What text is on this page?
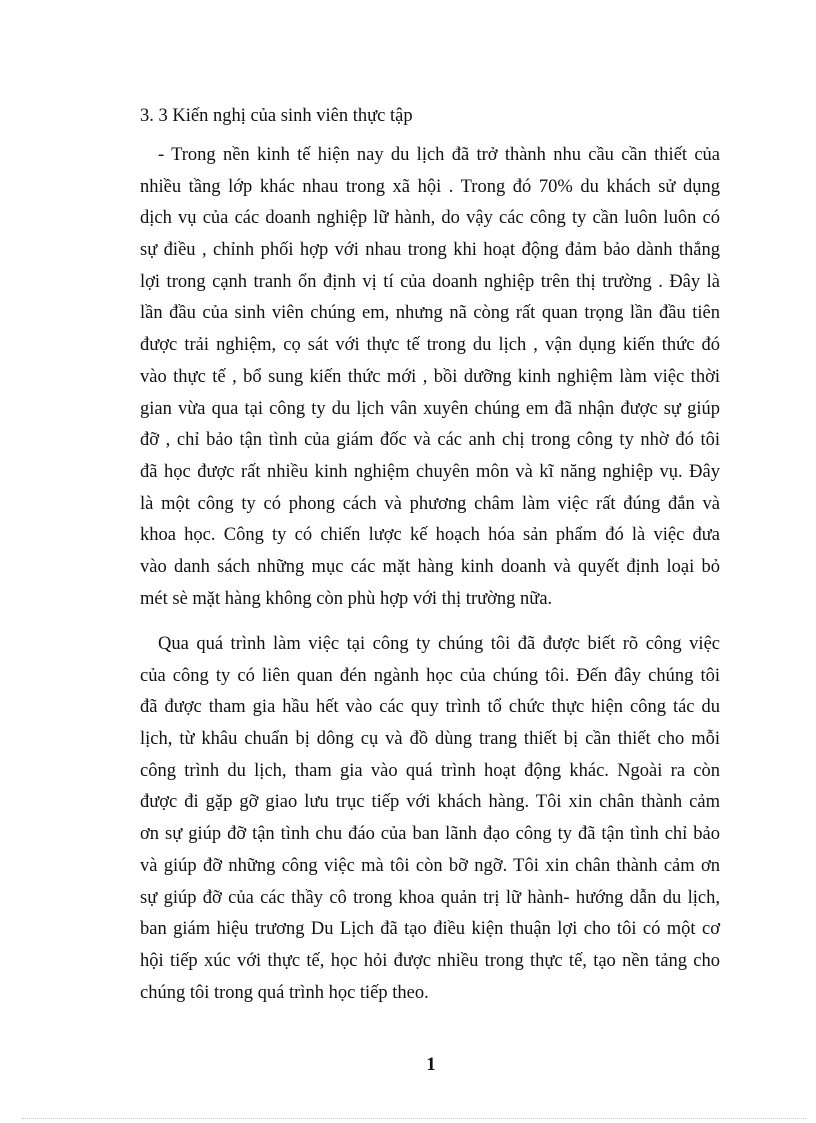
3. 3 Kiến nghị của sinh viên thực tập
- Trong nền kinh tế hiện nay du lịch đã trở thành nhu cầu cần thiết của
nhiều tầng lớp khác nhau trong xã hội . Trong đó 70% du khách sử dụng
dịch vụ của các doanh nghiệp lữ hành, do vậy các công ty cần luôn luôn có
sự điều , chỉnh phối hợp với nhau trong khi hoạt động đảm bảo dành thắng
lợi trong cạnh tranh ổn định vị tí của doanh nghiệp trên thị trường . Đây là
lần đầu của sinh viên chúng em, nhưng nã còng rất quan trọng lần đầu tiên
được trải nghiệm, cọ sát với thực tế trong du lịch , vận dụng kiến thức đó
vào thực tế , bổ sung kiến thức mới , bồi dưỡng kinh nghiệm làm việc thời
gian vừa qua tại công ty du lịch vân xuyên chúng em đã nhận được sự giúp
đỡ , chỉ bảo tận tình của giám đốc và các anh chị trong công ty nhờ đó tôi
đã học được rất nhiều kinh nghiệm chuyên môn và kĩ năng nghiệp vụ. Đây
là một công ty có phong cách và phương châm làm việc rất đúng đắn và
khoa học. Công ty có chiến lược kế hoạch hóa sản phẩm đó là việc đưa
vào danh sách những mục các mặt hàng kinh doanh và quyết định loại bỏ
mét sè mặt hàng không còn phù hợp với thị trường nữa.
Qua quá trình làm việc tại công ty chúng tôi đã được biết rõ công việc
của công ty có liên quan đén ngành học của chúng tôi. Đến đây chúng tôi
đã được tham gia hầu hết vào các quy trình tổ chức thực hiện công tác du
lịch, từ khâu chuẩn bị dông cụ và đồ dùng trang thiết bị cần thiết cho mỗi
công trình du lịch, tham gia vào quá trình hoạt động khác. Ngoài ra còn
được đi gặp gỡ giao lưu trục tiếp với khách hàng. Tôi xin chân thành cảm
ơn sự giúp đỡ tận tình chu đáo của ban lãnh đạo công ty đã tận tình chỉ bảo
và giúp đỡ những công việc mà tôi còn bỡ ngỡ. Tôi xin chân thành cảm ơn
sự giúp đỡ của các thầy cô trong khoa quản trị lữ hành- hướng dẫn du lịch,
ban giám hiệu trương Du Lịch đã tạo điều kiện thuận lợi cho tôi có một cơ
hội tiếp xúc với thực tế, học hỏi được nhiều trong thực tế, tạo nền tảng cho
chúng tôi trong quá trình học tiếp theo.
1
